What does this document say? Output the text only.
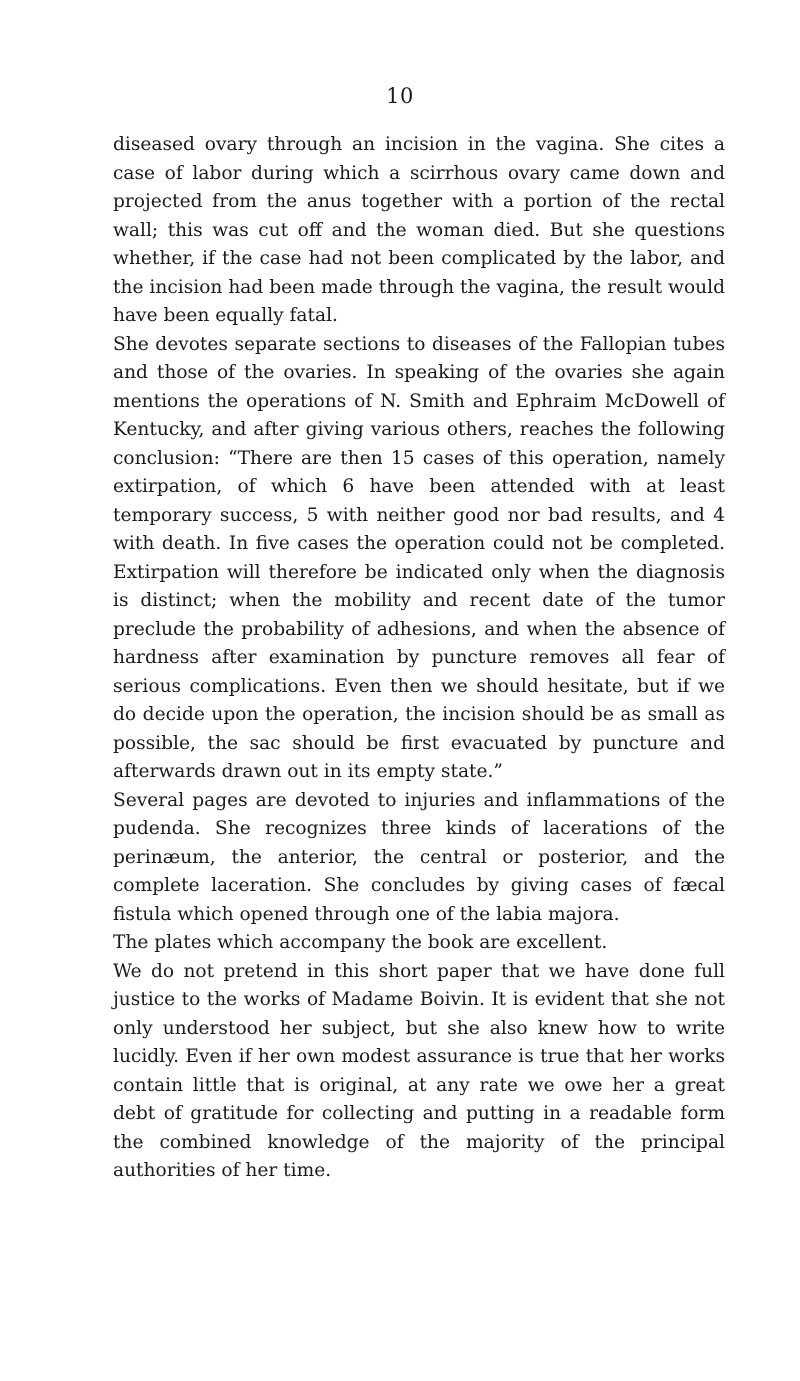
10

diseased ovary through an incision in the vagina. She cites a case of labor during which a scirrhous ovary came down and projected from the anus together with a portion of the rectal wall; this was cut off and the woman died. But she questions whether, if the case had not been complicated by the labor, and the incision had been made through the vagina, the result would have been equally fatal.

She devotes separate sections to diseases of the Fallopian tubes and those of the ovaries. In speaking of the ovaries she again mentions the operations of N. Smith and Ephraim McDowell of Kentucky, and after giving various others, reaches the following conclusion: “There are then 15 cases of this operation, namely extirpation, of which 6 have been attended with at least temporary success, 5 with neither good nor bad results, and 4 with death. In five cases the operation could not be completed. Extirpation will therefore be indicated only when the diagnosis is distinct; when the mobility and recent date of the tumor preclude the probability of adhesions, and when the absence of hardness after examination by puncture removes all fear of serious complications. Even then we should hesitate, but if we do decide upon the operation, the incision should be as small as possible, the sac should be first evacuated by puncture and afterwards drawn out in its empty state.”

Several pages are devoted to injuries and inflammations of the pudenda. She recognizes three kinds of lacerations of the perinæum, the anterior, the central or posterior, and the complete laceration. She concludes by giving cases of fæcal fistula which opened through one of the labia majora.

The plates which accompany the book are excellent.

We do not pretend in this short paper that we have done full justice to the works of Madame Boivin. It is evident that she not only understood her subject, but she also knew how to write lucidly. Even if her own modest assurance is true that her works contain little that is original, at any rate we owe her a great debt of gratitude for collecting and putting in a readable form the combined knowledge of the majority of the principal authorities of her time.
